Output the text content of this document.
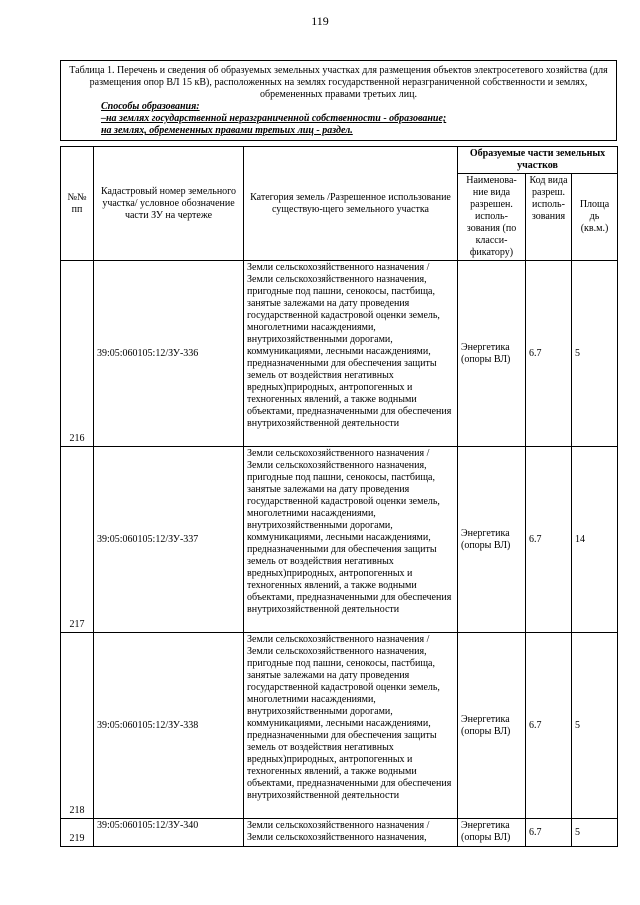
119
Таблица 1. Перечень и сведения об образуемых земельных участках для размещения объектов электросетевого хозяйства (для размещения опор ВЛ 15 кВ), расположенных на землях государственной неразграниченной собственности и землях, обремененных правами третьих лиц.
Способы образования:
–на землях государственной неразграниченной собственности - образование;
на землях, обремененных правами третьих лиц - раздел.
№№ пп	Кадастровый номер земельного участка/ условное обозначение части ЗУ на чертеже	Категория земель /Разрешенное использование существую-щего земельного участка	Образуемые части земельных участков		
			Наименова-ние вида разрешен. исполь-зования (по класси-фикатору)	Код вида разреш. исполь-зования	Площа дь (кв.м.)
216	39:05:060105:12/ЗУ-336	Земли сельскохозяйственного назначения /Земли сельскохозяйственного назначения, пригодные под пашни, сенокосы, пастбища, занятые залежами на дату проведения государственной кадастровой оценки земель, многолетними насаждениями, внутрихозяйственными дорогами, коммуникациями, лесными насаждениями, предназначенными для обеспечения защиты земель от воздействия негативных вредных)природных, антропогенных и техногенных явлений, а также водными объектами, предназначенными для обеспечения внутрихозяйственной деятельности	Энергетика (опоры ВЛ)	6.7	5
217	39:05:060105:12/ЗУ-337	Земли сельскохозяйственного назначения /Земли сельскохозяйственного назначения, пригодные под пашни, сенокосы, пастбища, занятые залежами на дату проведения государственной кадастровой оценки земель, многолетними насаждениями, внутрихозяйственными дорогами, коммуникациями, лесными насаждениями, предназначенными для обеспечения защиты земель от воздействия негативных вредных)природных, антропогенных и техногенных явлений, а также водными объектами, предназначенными для обеспечения внутрихозяйственной деятельности	Энергетика (опоры ВЛ)	6.7	14
218	39:05:060105:12/ЗУ-338	Земли сельскохозяйственного назначения /Земли сельскохозяйственного назначения, пригодные под пашни, сенокосы, пастбища, занятые залежами на дату проведения государственной кадастровой оценки земель, многолетними насаждениями, внутрихозяйственными дорогами, коммуникациями, лесными насаждениями, предназначенными для обеспечения защиты земель от воздействия негативных вредных)природных, антропогенных и техногенных явлений, а также водными объектами, предназначенными для обеспечения внутрихозяйственной деятельности	Энергетика (опоры ВЛ)	6.7	5
219	39:05:060105:12/ЗУ-340	Земли сельскохозяйственного назначения /Земли сельскохозяйственного назначения,	Энергетика (опоры ВЛ)	6.7	5
